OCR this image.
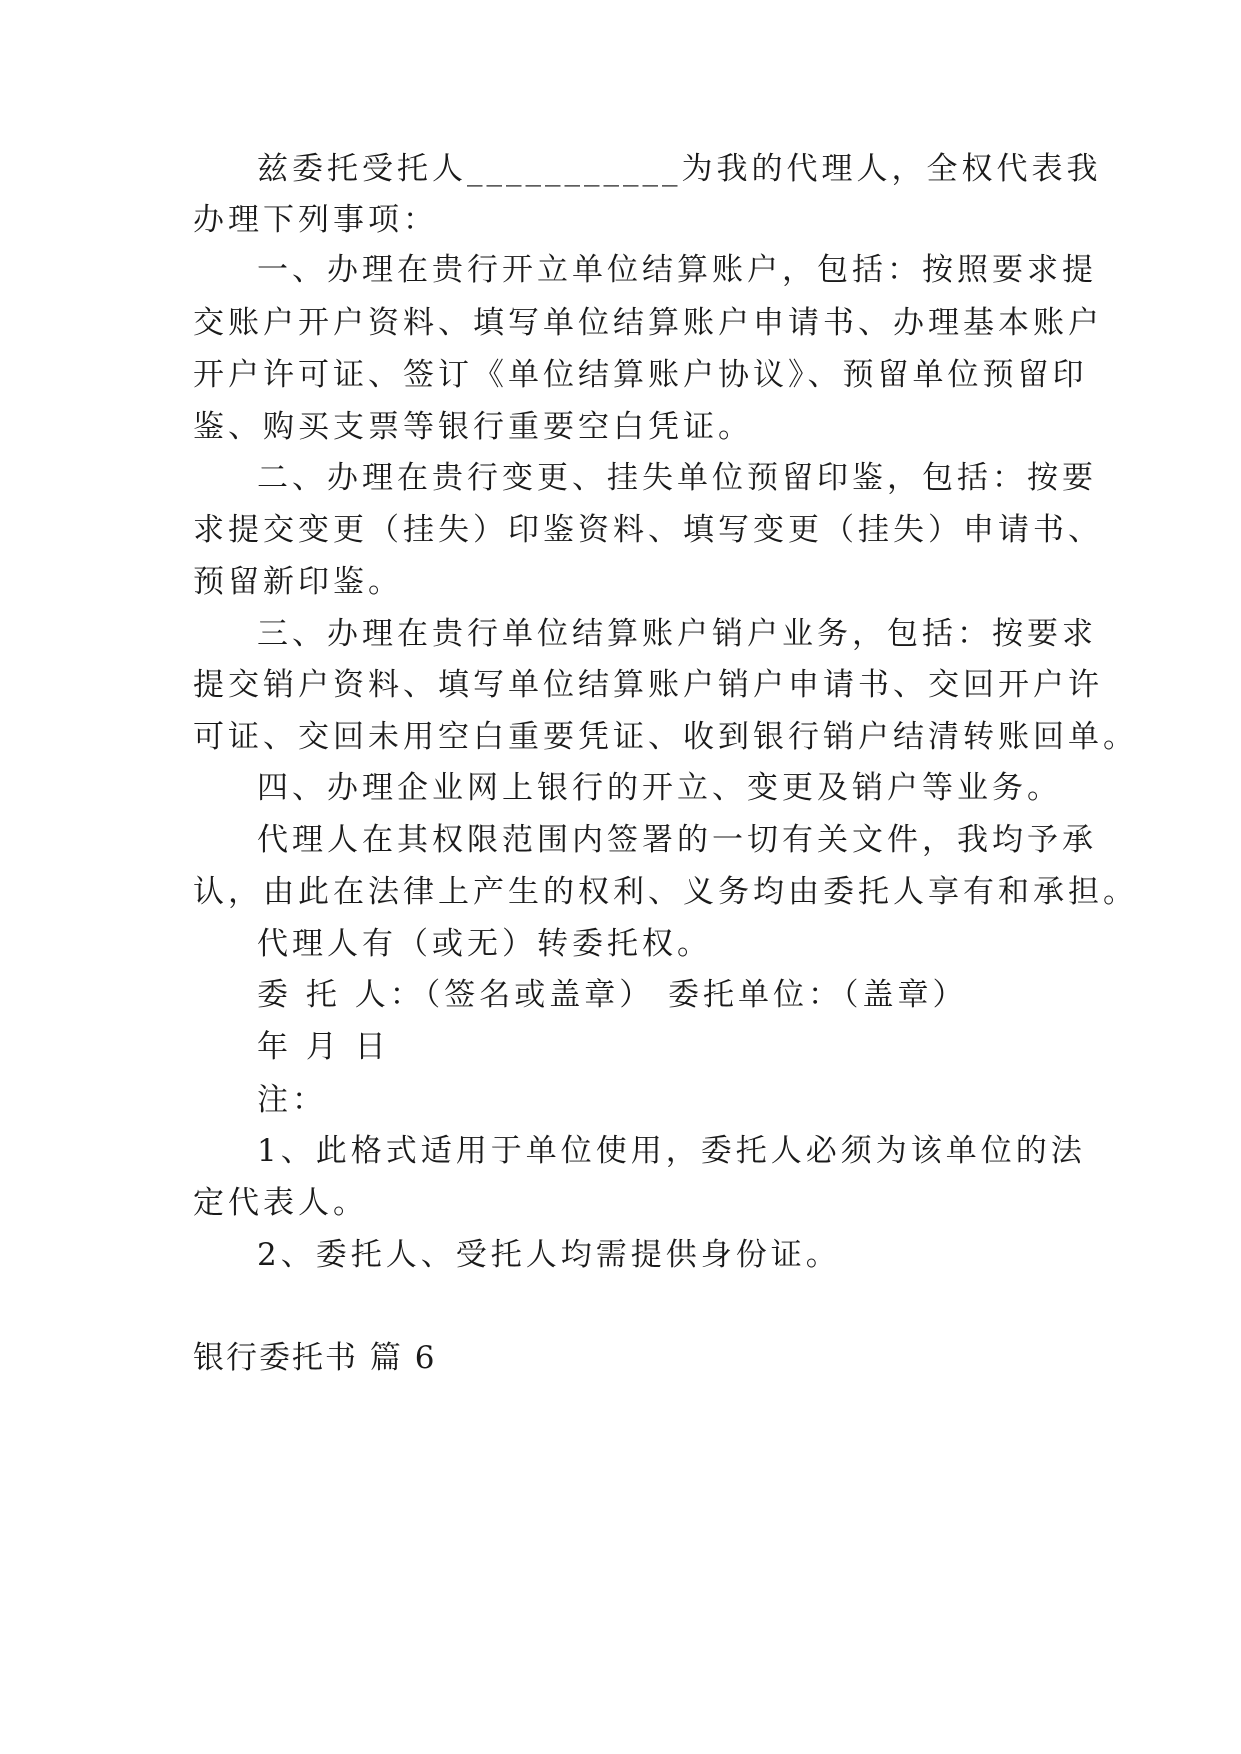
兹委托受托人___________为我的代理人，全权代表我
办理下列事项：
一、办理在贵行开立单位结算账户，包括：按照要求提
交账户开户资料、填写单位结算账户申请书、办理基本账户
开户许可证、签订《单位结算账户协议》、预留单位预留印
鉴、购买支票等银行重要空白凭证。
二、办理在贵行变更、挂失单位预留印鉴，包括：按要
求提交变更（挂失）印鉴资料、填写变更（挂失）申请书、
预留新印鉴。
三、办理在贵行单位结算账户销户业务，包括：按要求
提交销户资料、填写单位结算账户销户申请书、交回开户许
可证、交回未用空白重要凭证、收到银行销户结清转账回单。
四、办理企业网上银行的开立、变更及销户等业务。
代理人在其权限范围内签署的一切有关文件，我均予承
认，由此在法律上产生的权利、义务均由委托人享有和承担。
代理人有（或无）转委托权。
委 托 人：（签名或盖章） 委托单位：（盖章）
年 月 日
注：
1、此格式适用于单位使用，委托人必须为该单位的法
定代表人。
2、委托人、受托人均需提供身份证。
银行委托书 篇 6
